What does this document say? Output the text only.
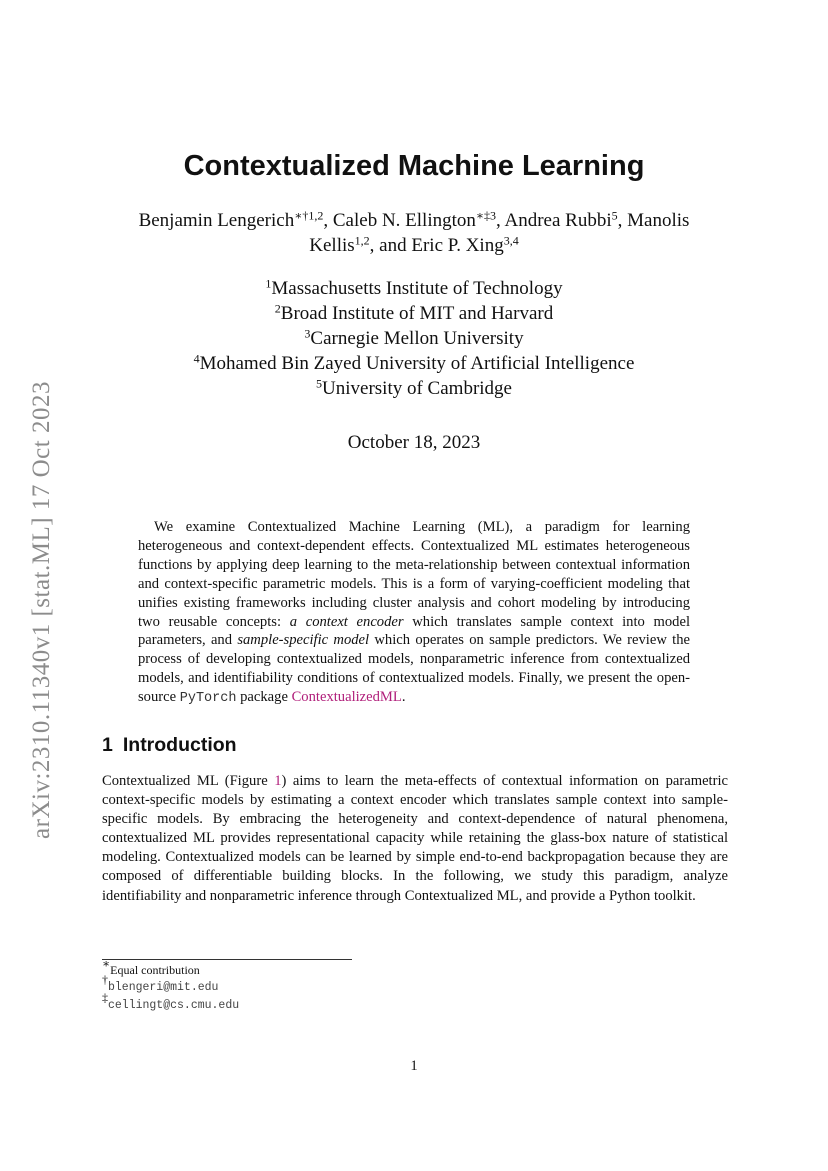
arXiv:2310.11340v1 [stat.ML] 17 Oct 2023
Contextualized Machine Learning
Benjamin Lengerich$^{∗\dagger 1,2}$, Caleb N. Ellington$^{∗\ddagger 3}$, Andrea Rubbi$^5$, Manolis Kellis$^{1,2}$, and Eric P. Xing$^{3,4}$
$^1$Massachusetts Institute of Technology
$^2$Broad Institute of MIT and Harvard
$^3$Carnegie Mellon University
$^4$Mohamed Bin Zayed University of Artificial Intelligence
$^5$University of Cambridge
October 18, 2023
We examine Contextualized Machine Learning (ML), a paradigm for learning heterogeneous and context-dependent effects. Contextualized ML estimates heterogeneous functions by applying deep learning to the meta-relationship between contextual information and context-specific parametric models. This is a form of varying-coefficient modeling that unifies existing frameworks including cluster analysis and cohort modeling by introducing two reusable concepts: a context encoder which translates sample context into model parameters, and sample-specific model which operates on sample predictors. We review the process of developing contextualized models, nonparametric inference from contextualized models, and identifiability conditions of contextualized models. Finally, we present the open-source PyTorch package ContextualizedML.
1 Introduction
Contextualized ML (Figure 1) aims to learn the meta-effects of contextual information on parametric context-specific models by estimating a context encoder which translates sample context into sample-specific models. By embracing the heterogeneity and context-dependence of natural phenomena, contextualized ML provides representational capacity while retaining the glass-box nature of statistical modeling. Contextualized models can be learned by simple end-to-end backpropagation because they are composed of differentiable building blocks. In the following, we study this paradigm, analyze identifiability and nonparametric inference through Contextualized ML, and provide a Python toolkit.
∗Equal contribution
†blengeri@mit.edu
‡cellingt@cs.cmu.edu
1
